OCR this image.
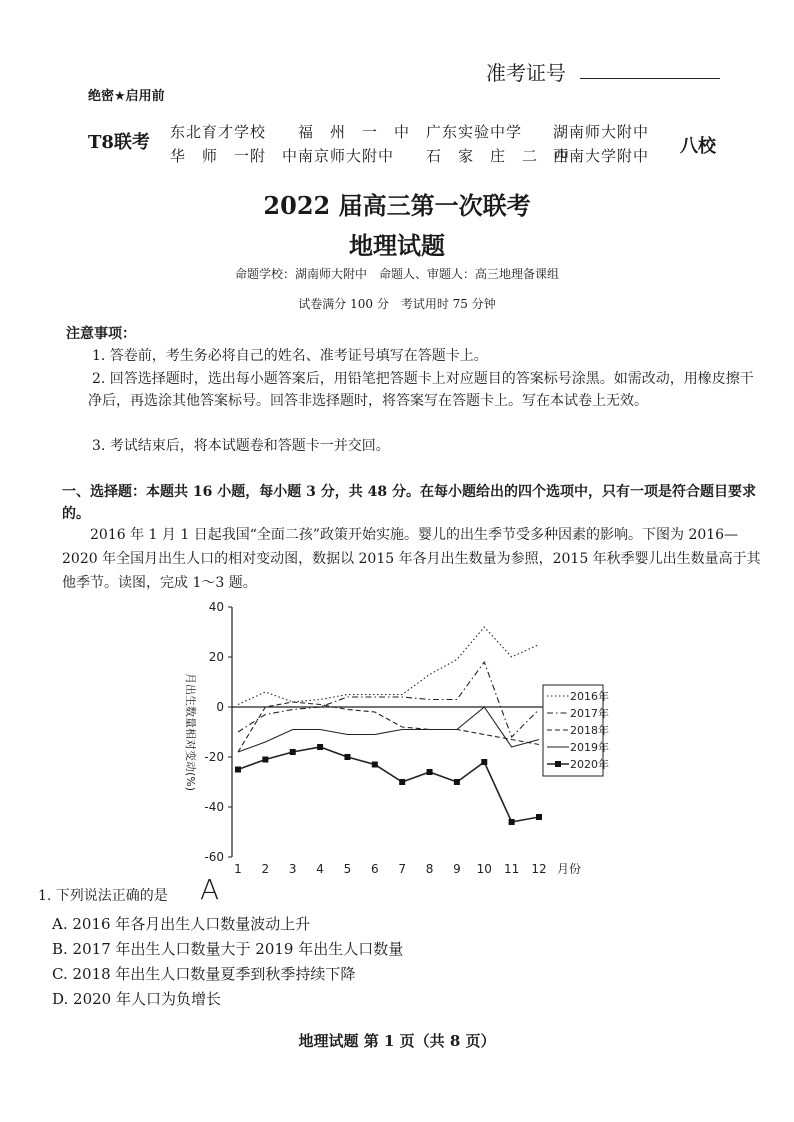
准考证号
绝密★启用前
T8联考 东北育才学校 福　州　一　中 广东实验中学 湖南师大附中
华　师　一附　中 南京师大附中 石　家　庄　二　中
西南大学附中 八校
2022 届高三第一次联考
地理试题
命题学校：湖南师大附中　命题人、审题人：高三地理备课组
试卷满分 100 分　考试用时 75 分钟
注意事项：
1. 答卷前，考生务必将自己的姓名、准考证号填写在答题卡上。
2. 回答选择题时，选出每小题答案后，用铅笔把答题卡上对应题目的答案标号涂黑。如需改动，用橡皮擦干净后，再选涂其他答案标号。回答非选择题时，将答案写在答题卡上。写在本试卷上无效。
3. 考试结束后，将本试题卷和答题卡一并交回。
一、选择题：本题共 16 小题，每小题 3 分，共 48 分。在每小题给出的四个选项中，只有一项是符合题目要求的。
2016 年 1 月 1 日起我国“全面二孩”政策开始实施。婴儿的出生季节受多种因素的影响。下图为 2016—2020 年全国月出生人口的相对变动图，数据以 2015 年各月出生数量为参照，2015 年秋季婴儿出生数量高于其他季节。读图，完成 1～3 题。
40
20
0
-20
-40
-60
1 2 3 4 5 6 7 8 9 10 11 12 月份
月出生数量相对变动(%)	2016年
2017年
2018年
2019年
2020年
1. 下列说法正确的是 A
A. 2016 年各月出生人口数量波动上升
B. 2017 年出生人口数量大于 2019 年出生人口数量
C. 2018 年出生人口数量夏季到秋季持续下降
D. 2020 年人口为负增长
地理试题 第 1 页（共 8 页）
